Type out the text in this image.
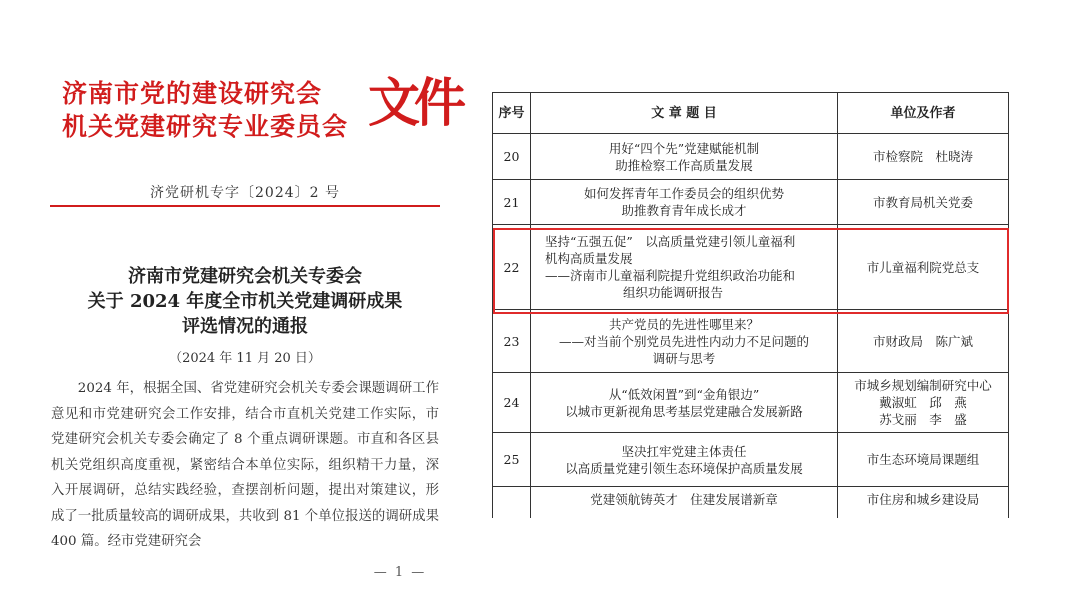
济南市党的建设研究会
机关党建研究专业委员会 文件
济党研机专字〔2024〕2 号
济南市党建研究会机关专委会
关于 2024 年度全市机关党建调研成果
评选情况的通报
（2024 年 11 月 20 日）

2024 年，根据全国、省党建研究会机关专委会课题调研工作意见和市党建研究会工作安排，结合市直机关党建工作实际，市党建研究会机关专委会确定了 8 个重点调研课题。市直和各区县机关党组织高度重视，紧密结合本单位实际，组织精干力量，深入开展调研，总结实践经验，查摆剖析问题，提出对策建议，形成了一批质量较高的调研成果，共收到 81 个单位报送的调研成果 400 篇。经市党建研究会

— 1 —
序号	文 章 题 目	单位及作者
20	用好“四个先”党建赋能机制
助推检察工作高质量发展	市检察院　杜晓涛

21	如何发挥青年工作委员会的组织优势
助推教育青年成长成才	市教育局机关党委

22	坚持“五强五促”　以高质量党建引领儿童福利
机构高质量发展
——济南市儿童福利院提升党组织政治功能和
组织功能调研报告	市儿童福利院党总支

23	共产党员的先进性哪里来？
——对当前个别党员先进性内动力不足问题的
调研与思考	市财政局　陈广斌

24	从“低效闲置”到“金角银边”
以城市更新视角思考基层党建融合发展新路	市城乡规划编制研究中心
戴淑虹　邱　燕
苏戈丽　李　盛

25	坚决扛牢党建主体责任
以高质量党建引领生态环境保护高质量发展	市生态环境局课题组

	党建领航铸英才　住建发展谱新章	市住房和城乡建设局
